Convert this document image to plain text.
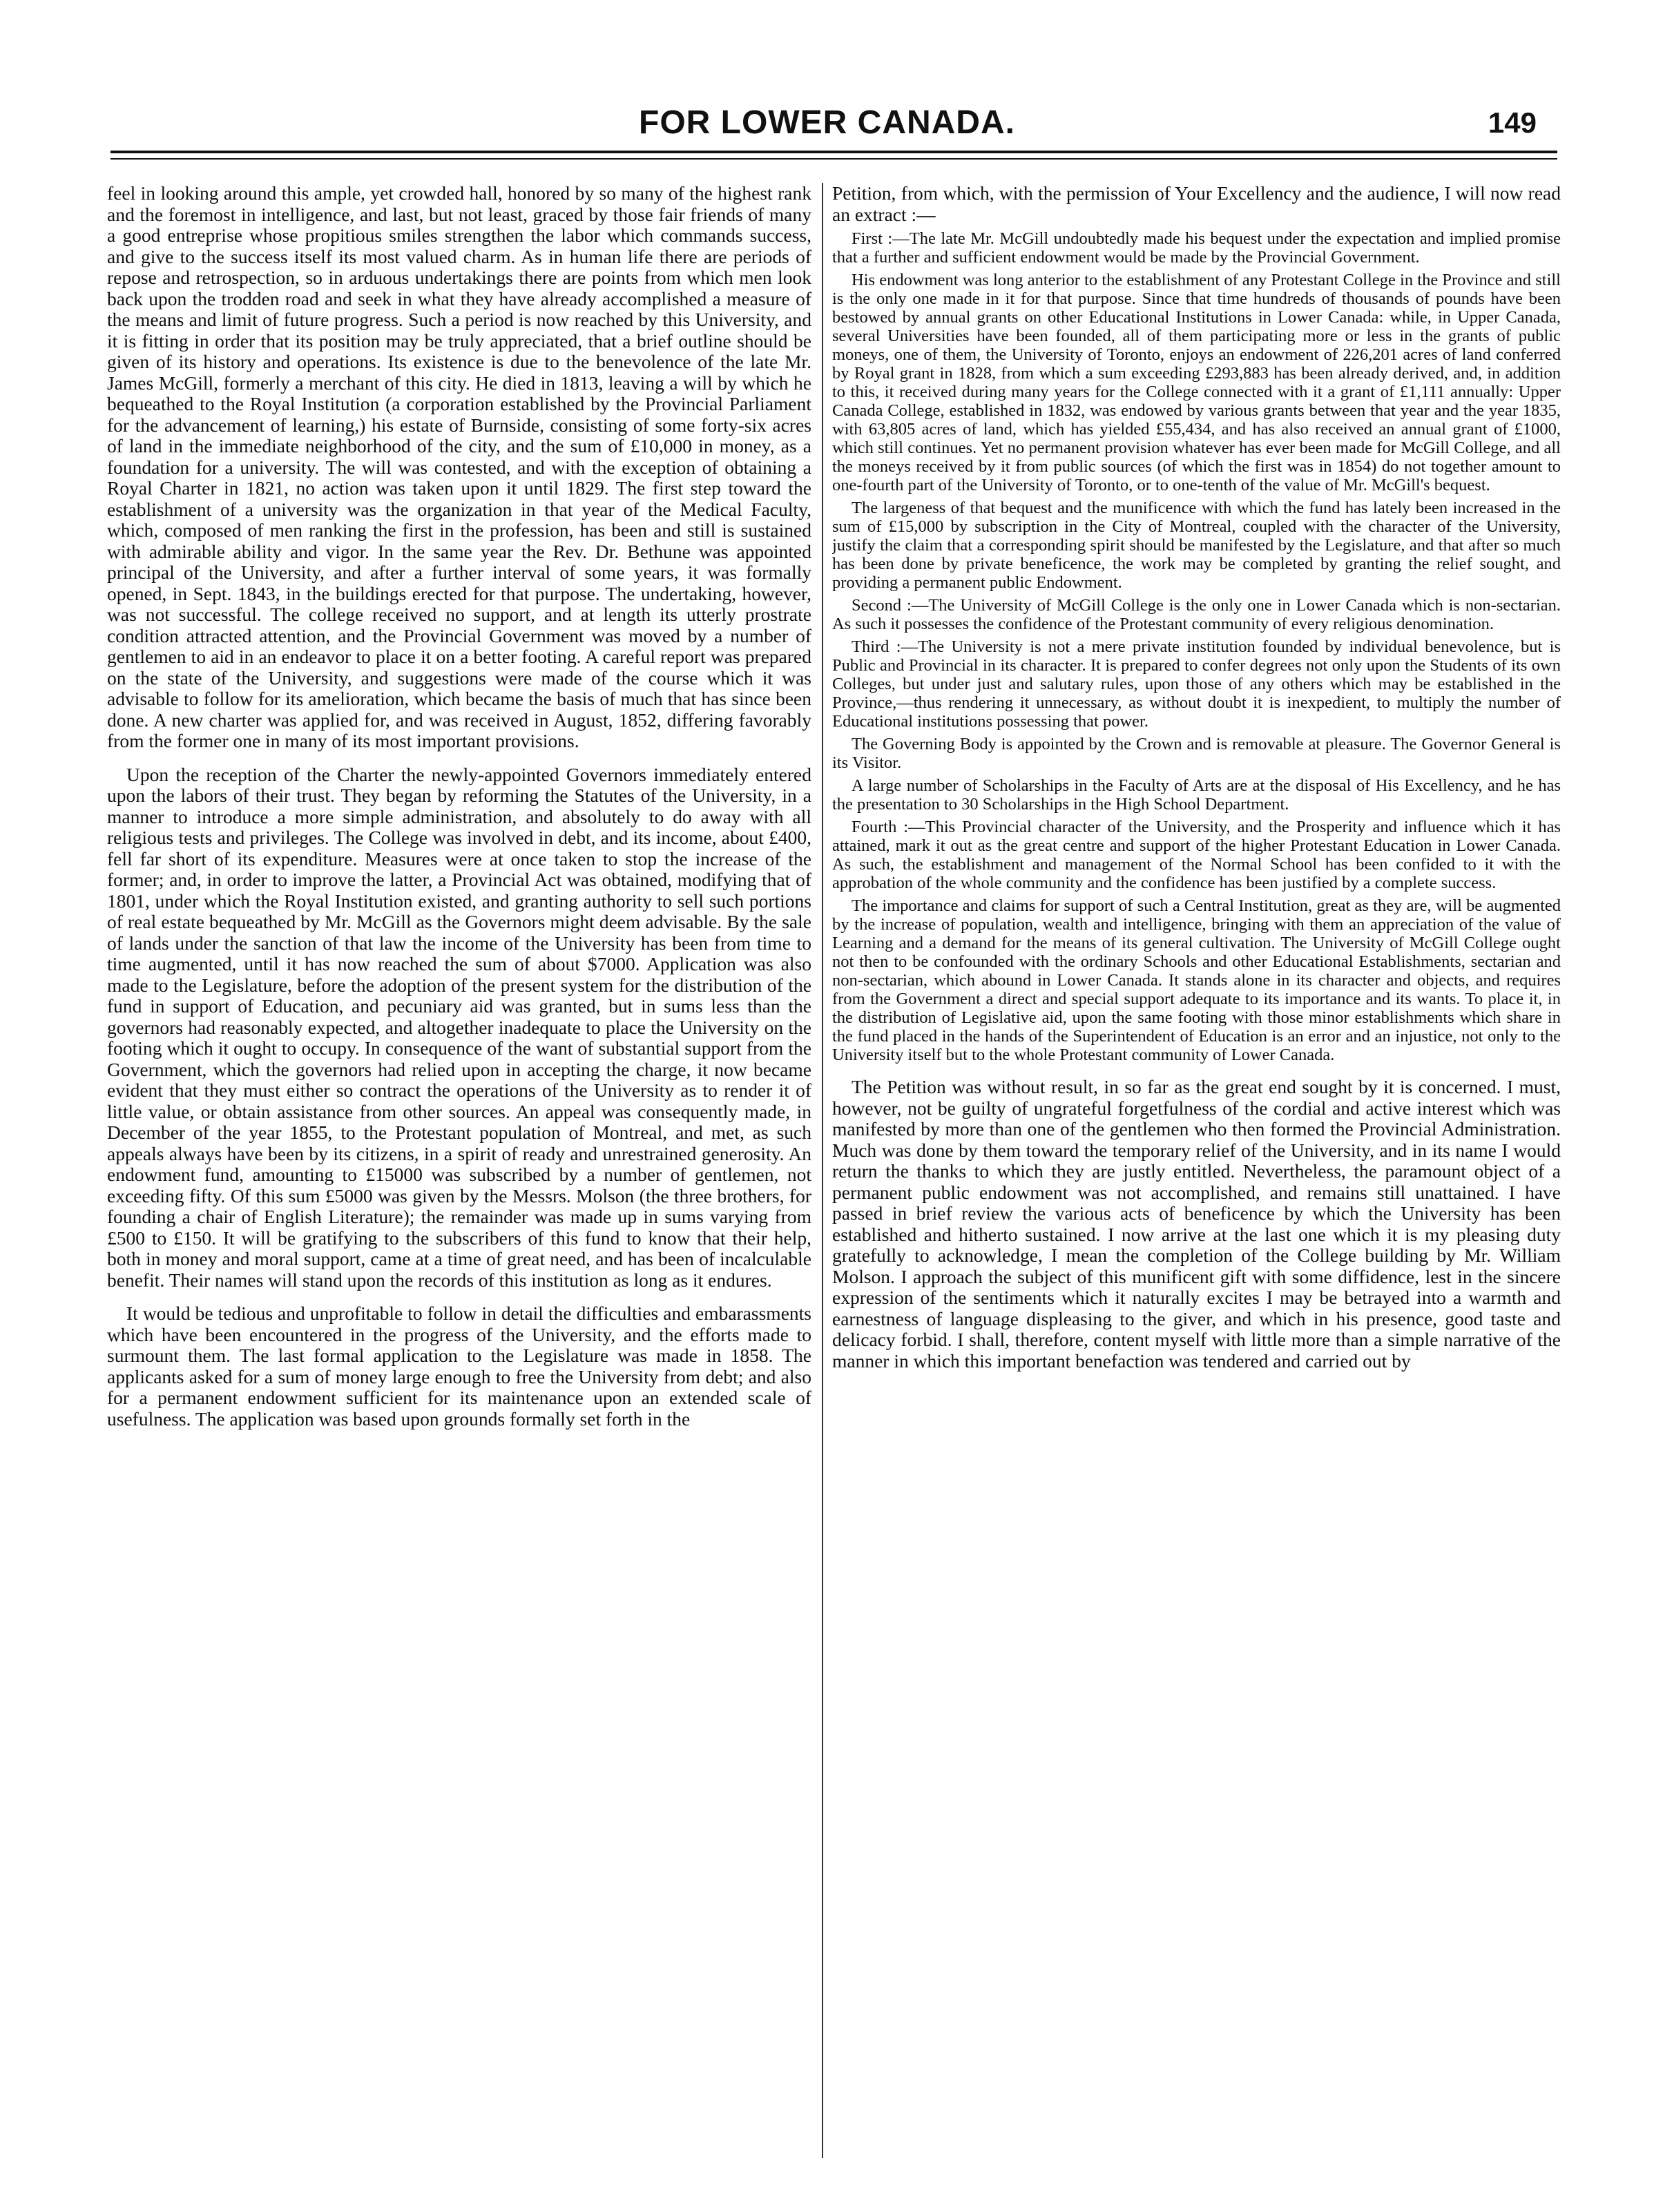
FOR LOWER CANADA.	149

feel in looking around this ample, yet crowded hall, honored by so many of the highest rank and the foremost in intelligence, and last, but not least, graced by those fair friends of many a good entreprise whose propitious smiles strengthen the labor which commands success, and give to the success itself its most valued charm. As in human life there are periods of repose and retrospection, so in arduous undertakings there are points from which men look back upon the trodden road and seek in what they have already accomplished a measure of the means and limit of future progress. Such a period is now reached by this University, and it is fitting in order that its position may be truly appreciated, that a brief outline should be given of its history and operations. Its existence is due to the benevolence of the late Mr. James McGill, formerly a merchant of this city. He died in 1813, leaving a will by which he bequeathed to the Royal Institution (a corporation established by the Provincial Parliament for the advancement of learning,) his estate of Burnside, consisting of some forty-six acres of land in the immediate neighborhood of the city, and the sum of £10,000 in money, as a foundation for a university. The will was contested, and with the exception of obtaining a Royal Charter in 1821, no action was taken upon it until 1829. The first step toward the establishment of a university was the organization in that year of the Medical Faculty, which, composed of men ranking the first in the profession, has been and still is sustained with admirable ability and vigor. In the same year the Rev. Dr. Bethune was appointed principal of the University, and after a further interval of some years, it was formally opened, in Sept. 1843, in the buildings erected for that purpose. The undertaking, however, was not successful. The college received no support, and at length its utterly prostrate condition attracted attention, and the Provincial Government was moved by a number of gentlemen to aid in an endeavor to place it on a better footing. A careful report was prepared on the state of the University, and suggestions were made of the course which it was advisable to follow for its amelioration, which became the basis of much that has since been done. A new charter was applied for, and was received in August, 1852, differing favorably from the former one in many of its most important provisions.

Upon the reception of the Charter the newly-appointed Governors immediately entered upon the labors of their trust. They began by reforming the Statutes of the University, in a manner to introduce a more simple administration, and absolutely to do away with all religious tests and privileges. The College was involved in debt, and its income, about £400, fell far short of its expenditure. Measures were at once taken to stop the increase of the former; and, in order to improve the latter, a Provincial Act was obtained, modifying that of 1801, under which the Royal Institution existed, and granting authority to sell such portions of real estate bequeathed by Mr. McGill as the Governors might deem advisable. By the sale of lands under the sanction of that law the income of the University has been from time to time augmented, until it has now reached the sum of about $7000. Application was also made to the Legislature, before the adoption of the present system for the distribution of the fund in support of Education, and pecuniary aid was granted, but in sums less than the governors had reasonably expected, and altogether inadequate to place the University on the footing which it ought to occupy. In consequence of the want of substantial support from the Government, which the governors had relied upon in accepting the charge, it now became evident that they must either so contract the operations of the University as to render it of little value, or obtain assistance from other sources. An appeal was consequently made, in December of the year 1855, to the Protestant population of Montreal, and met, as such appeals always have been by its citizens, in a spirit of ready and unrestrained generosity. An endowment fund, amounting to £15000 was subscribed by a number of gentlemen, not exceeding fifty. Of this sum £5000 was given by the Messrs. Molson (the three brothers, for founding a chair of English Literature); the remainder was made up in sums varying from £500 to £150. It will be gratifying to the subscribers of this fund to know that their help, both in money and moral support, came at a time of great need, and has been of incalculable benefit. Their names will stand upon the records of this institution as long as it endures.

It would be tedious and unprofitable to follow in detail the difficulties and embarassments which have been encountered in the progress of the University, and the efforts made to surmount them. The last formal application to the Legislature was made in 1858. The applicants asked for a sum of money large enough to free the University from debt; and also for a permanent endowment sufficient for its maintenance upon an extended scale of usefulness. The application was based upon grounds formally set forth in the

Petition, from which, with the permission of Your Excellency and the audience, I will now read an extract :—

First :—The late Mr. McGill undoubtedly made his bequest under the expectation and implied promise that a further and sufficient endowment would be made by the Provincial Government.

His endowment was long anterior to the establishment of any Protestant College in the Province and still is the only one made in it for that purpose. Since that time hundreds of thousands of pounds have been bestowed by annual grants on other Educational Institutions in Lower Canada: while, in Upper Canada, several Universities have been founded, all of them participating more or less in the grants of public moneys, one of them, the University of Toronto, enjoys an endowment of 226,201 acres of land conferred by Royal grant in 1828, from which a sum exceeding £293,883 has been already derived, and, in addition to this, it received during many years for the College connected with it a grant of £1,111 annually: Upper Canada College, established in 1832, was endowed by various grants between that year and the year 1835, with 63,805 acres of land, which has yielded £55,434, and has also received an annual grant of £1000, which still continues. Yet no permanent provision whatever has ever been made for McGill College, and all the moneys received by it from public sources (of which the first was in 1854) do not together amount to one-fourth part of the University of Toronto, or to one-tenth of the value of Mr. McGill's bequest.

The largeness of that bequest and the munificence with which the fund has lately been increased in the sum of £15,000 by subscription in the City of Montreal, coupled with the character of the University, justify the claim that a corresponding spirit should be manifested by the Legislature, and that after so much has been done by private beneficence, the work may be completed by granting the relief sought, and providing a permanent public Endowment.

Second :—The University of McGill College is the only one in Lower Canada which is non-sectarian. As such it possesses the confidence of the Protestant community of every religious denomination.

Third :—The University is not a mere private institution founded by individual benevolence, but is Public and Provincial in its character. It is prepared to confer degrees not only upon the Students of its own Colleges, but under just and salutary rules, upon those of any others which may be established in the Province,—thus rendering it unnecessary, as without doubt it is inexpedient, to multiply the number of Educational institutions possessing that power.

The Governing Body is appointed by the Crown and is removable at pleasure. The Governor General is its Visitor.

A large number of Scholarships in the Faculty of Arts are at the disposal of His Excellency, and he has the presentation to 30 Scholarships in the High School Department.

Fourth :—This Provincial character of the University, and the Prosperity and influence which it has attained, mark it out as the great centre and support of the higher Protestant Education in Lower Canada. As such, the establishment and management of the Normal School has been confided to it with the approbation of the whole community and the confidence has been justified by a complete success.

The importance and claims for support of such a Central Institution, great as they are, will be augmented by the increase of population, wealth and intelligence, bringing with them an appreciation of the value of Learning and a demand for the means of its general cultivation. The University of McGill College ought not then to be confounded with the ordinary Schools and other Educational Establishments, sectarian and non-sectarian, which abound in Lower Canada. It stands alone in its character and objects, and requires from the Government a direct and special support adequate to its importance and its wants. To place it, in the distribution of Legislative aid, upon the same footing with those minor establishments which share in the fund placed in the hands of the Superintendent of Education is an error and an injustice, not only to the University itself but to the whole Protestant community of Lower Canada.

The Petition was without result, in so far as the great end sought by it is concerned. I must, however, not be guilty of ungrateful forgetfulness of the cordial and active interest which was manifested by more than one of the gentlemen who then formed the Provincial Administration. Much was done by them toward the temporary relief of the University, and in its name I would return the thanks to which they are justly entitled. Nevertheless, the paramount object of a permanent public endowment was not accomplished, and remains still unattained. I have passed in brief review the various acts of beneficence by which the University has been established and hitherto sustained. I now arrive at the last one which it is my pleasing duty gratefully to acknowledge, I mean the completion of the College building by Mr. William Molson. I approach the subject of this munificent gift with some diffidence, lest in the sincere expression of the sentiments which it naturally excites I may be betrayed into a warmth and earnestness of language displeasing to the giver, and which in his presence, good taste and delicacy forbid. I shall, therefore, content myself with little more than a simple narrative of the manner in which this important benefaction was tendered and carried out by
